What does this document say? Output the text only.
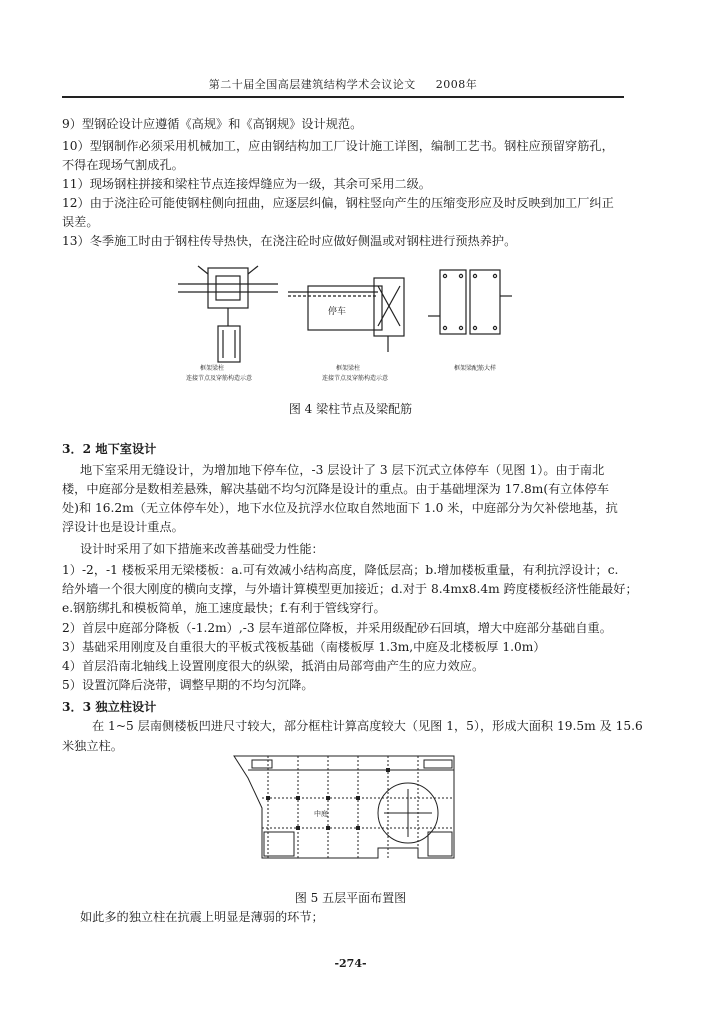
第二十届全国高层建筑结构学术会议论文 2008年
9）型钢砼设计应遵循《高规》和《高钢规》设计规范。
10）型钢制作必须采用机械加工，应由钢结构加工厂设计施工详图，编制工艺书。钢柱应预留穿筋孔，
不得在现场气割成孔。
11）现场钢柱拼接和梁柱节点连接焊缝应为一级，其余可采用二级。
12）由于浇注砼可能使钢柱侧向扭曲，应逐层纠偏，钢柱竖向产生的压缩变形应及时反映到加工厂纠正
误差。
13）冬季施工时由于钢柱传导热快，在浇注砼时应做好侧温或对钢柱进行预热养护。
停车
框架梁柱
连接节点及穿筋构造示意
框架梁柱
连接节点及穿筋构造示意
框架梁配筋大样
图 4 梁柱节点及梁配筋
3．2 地下室设计
地下室采用无缝设计，为增加地下停车位，-3 层设计了 3 层下沉式立体停车（见图 1）。由于南北
楼，中庭部分是数相差悬殊，解决基础不均匀沉降是设计的重点。由于基础埋深为 17.8m(有立体停车
处)和 16.2m（无立体停车处），地下水位及抗浮水位取自然地面下 1.0 米，中庭部分为欠补偿地基，抗
浮设计也是设计重点。
设计时采用了如下措施来改善基础受力性能：
1）-2，-1 楼板采用无梁楼板：a.可有效减小结构高度，降低层高；b.增加楼板重量，有利抗浮设计；c.
给外墙一个很大刚度的横向支撑，与外墙计算模型更加接近；d.对于 8.4mx8.4m 跨度楼板经济性能最好；
e.钢筋绑扎和模板简单，施工速度最快；f.有利于管线穿行。
2）首层中庭部分降板（-1.2m）,-3 层车道部位降板，并采用级配砂石回填，增大中庭部分基础自重。
3）基础采用刚度及自重很大的平板式筏板基础（南楼板厚 1.3m,中庭及北楼板厚 1.0m）
4）首层沿南北轴线上设置刚度很大的纵梁，抵消由局部弯曲产生的应力效应。
5）设置沉降后浇带，调整早期的不均匀沉降。
3．3 独立柱设计
在 1~5 层南侧楼板凹进尺寸较大，部分框柱计算高度较大（见图 1，5），形成大面积 19.5m 及 15.6
米独立柱。
中庭
图 5 五层平面布置图
如此多的独立柱在抗震上明显是薄弱的环节；
-274-
